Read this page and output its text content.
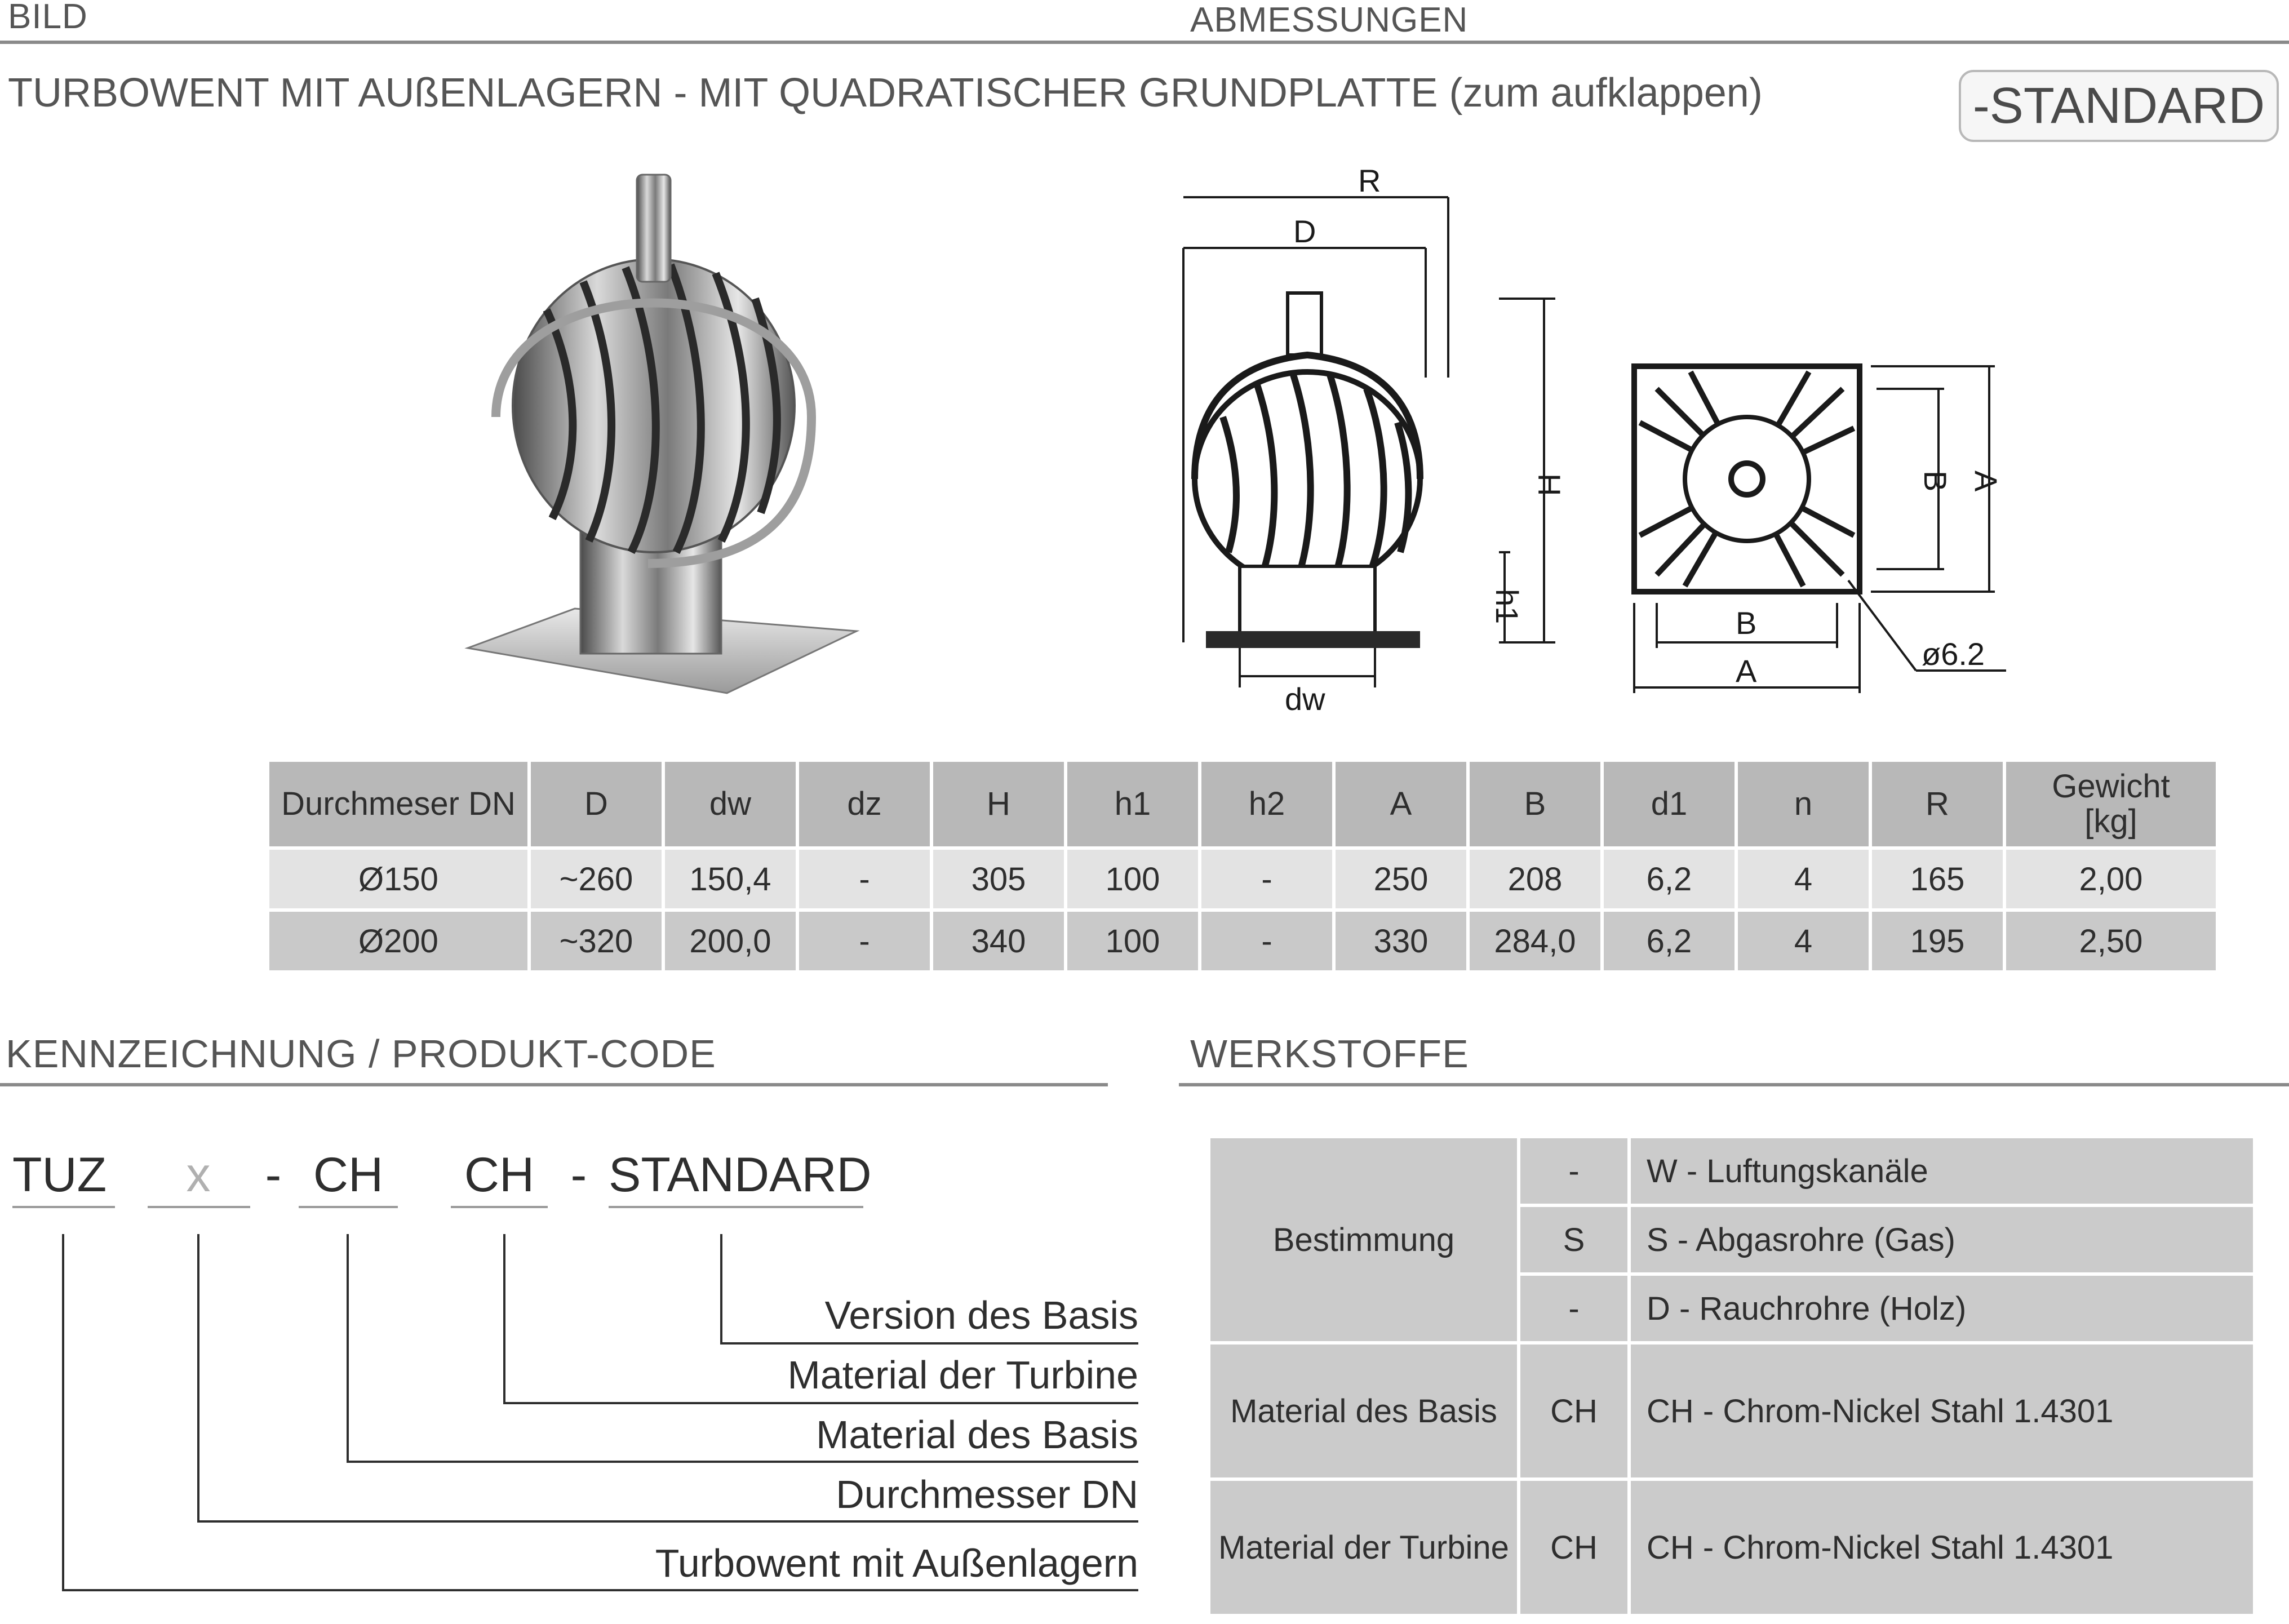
BILD	ABMESSUNGEN
TURBOWENT MIT AUßENLAGERN - MIT QUADRATISCHER GRUNDPLATTE (zum aufklappen)	-STANDARD
R
D
H
h1
dw
B A
B
A	ø6.2
Durchmeser DN	D	dw	dz	H	h1	h2	A	B	d1	n	R	Gewicht
[kg]
Ø150	~260	150,4	-	305	100	-	250	208	6,2	4	165	2,00
Ø200	~320	200,0	-	340	100	-	330	284,0	6,2	4	195	2,50
KENNZEICHNUNG / PRODUKT-CODE
TUZ	x	- CH	CH - STANDARD
Version des Basis
Material der Turbine
Material des Basis
Durchmesser DN
Turbowent mit Außenlagern
WERKSTOFFE
Bestimmung	-	W - Luftungskanäle
	S	S - Abgasrohre (Gas)
	-	D - Rauchrohre (Holz)
Material des Basis	CH	CH - Chrom-Nickel Stahl 1.4301
Material der Turbine	CH	CH - Chrom-Nickel Stahl 1.4301
